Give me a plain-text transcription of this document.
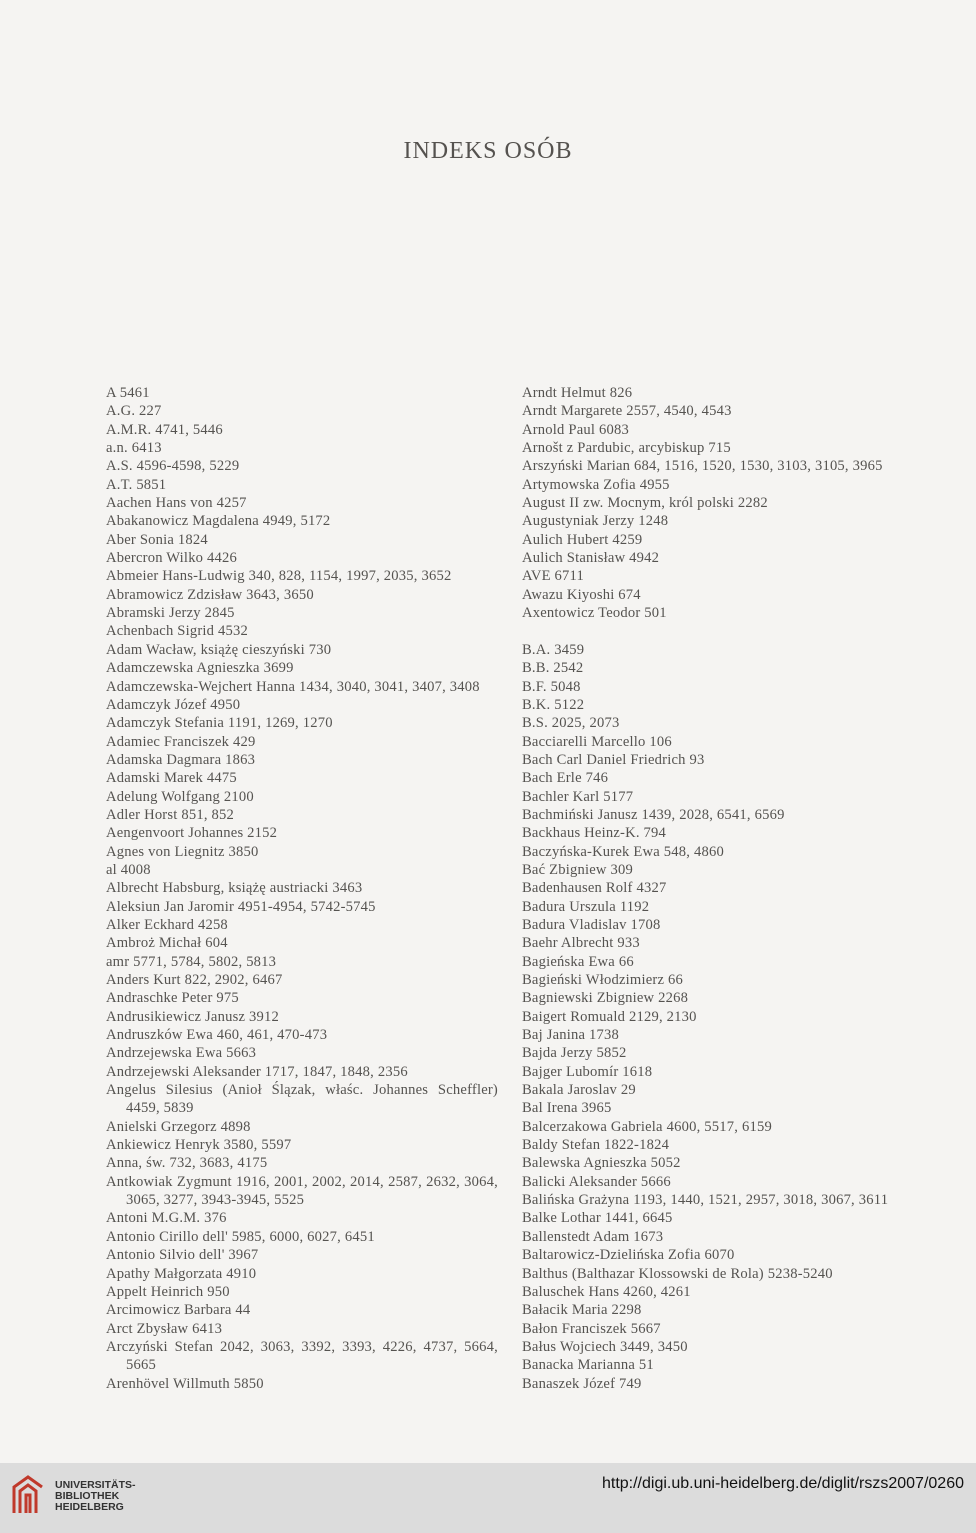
INDEKS OSÓB
A 5461
A.G. 227
A.M.R. 4741, 5446
a.n. 6413
A.S. 4596-4598, 5229
A.T. 5851
Aachen Hans von 4257
Abakanowicz Magdalena 4949, 5172
Aber Sonia 1824
Abercron Wilko 4426
Abmeier Hans-Ludwig 340, 828, 1154, 1997, 2035, 3652
Abramowicz Zdzisław 3643, 3650
Abramski Jerzy 2845
Achenbach Sigrid 4532
Adam Wacław, książę cieszyński 730
Adamczewska Agnieszka 3699
Adamczewska-Wejchert Hanna 1434, 3040, 3041, 3407, 3408
Adamczyk Józef 4950
Adamczyk Stefania 1191, 1269, 1270
Adamiec Franciszek 429
Adamska Dagmara 1863
Adamski Marek 4475
Adelung Wolfgang 2100
Adler Horst 851, 852
Aengenvoort Johannes 2152
Agnes von Liegnitz 3850
al 4008
Albrecht Habsburg, książę austriacki 3463
Aleksiun Jan Jaromir 4951-4954, 5742-5745
Alker Eckhard 4258
Ambroż Michał 604
amr 5771, 5784, 5802, 5813
Anders Kurt 822, 2902, 6467
Andraschke Peter 975
Andrusikiewicz Janusz 3912
Andruszków Ewa 460, 461, 470-473
Andrzejewska Ewa 5663
Andrzejewski Aleksander 1717, 1847, 1848, 2356
Angelus Silesius (Anioł Ślązak, właśc. Johannes Scheffler) 4459, 5839
Anielski Grzegorz 4898
Ankiewicz Henryk 3580, 5597
Anna, św. 732, 3683, 4175
Antkowiak Zygmunt 1916, 2001, 2002, 2014, 2587, 2632, 3064, 3065, 3277, 3943-3945, 5525
Antoni M.G.M. 376
Antonio Cirillo dell' 5985, 6000, 6027, 6451
Antonio Silvio dell' 3967
Apathy Małgorzata 4910
Appelt Heinrich 950
Arcimowicz Barbara 44
Arct Zbysław 6413
Arczyński Stefan 2042, 3063, 3392, 3393, 4226, 4737, 5664, 5665
Arenhövel Willmuth 5850
Arndt Helmut 826
Arndt Margarete 2557, 4540, 4543
Arnold Paul 6083
Arnošt z Pardubic, arcybiskup 715
Arszyński Marian 684, 1516, 1520, 1530, 3103, 3105, 3965
Artymowska Zofia 4955
August II zw. Mocnym, król polski 2282
Augustyniak Jerzy 1248
Aulich Hubert 4259
Aulich Stanisław 4942
AVE 6711
Awazu Kiyoshi 674
Axentowicz Teodor 501
B.A. 3459
B.B. 2542
B.F. 5048
B.K. 5122
B.S. 2025, 2073
Bacciarelli Marcello 106
Bach Carl Daniel Friedrich 93
Bach Erle 746
Bachler Karl 5177
Bachmiński Janusz 1439, 2028, 6541, 6569
Backhaus Heinz-K. 794
Baczyńska-Kurek Ewa 548, 4860
Bać Zbigniew 309
Badenhausen Rolf 4327
Badura Urszula 1192
Badura Vladislav 1708
Baehr Albrecht 933
Bagieńska Ewa 66
Bagieński Włodzimierz 66
Bagniewski Zbigniew 2268
Baigert Romuald 2129, 2130
Baj Janina 1738
Bajda Jerzy 5852
Bajger Lubomír 1618
Bakala Jaroslav 29
Bal Irena 3965
Balcerzakowa Gabriela 4600, 5517, 6159
Baldy Stefan 1822-1824
Balewska Agnieszka 5052
Balicki Aleksander 5666
Balińska Grażyna 1193, 1440, 1521, 2957, 3018, 3067, 3611
Balke Lothar 1441, 6645
Ballenstedt Adam 1673
Baltarowicz-Dzielińska Zofia 6070
Balthus (Balthazar Klossowski de Rola) 5238-5240
Baluschek Hans 4260, 4261
Bałacik Maria 2298
Bałon Franciszek 5667
Bałus Wojciech 3449, 3450
Banacka Marianna 51
Banaszek Józef 749
UNIVERSITÄTS-
BIBLIOTHEK
HEIDELBERG
http://digi.ub.uni-heidelberg.de/diglit/rszs2007/0260
